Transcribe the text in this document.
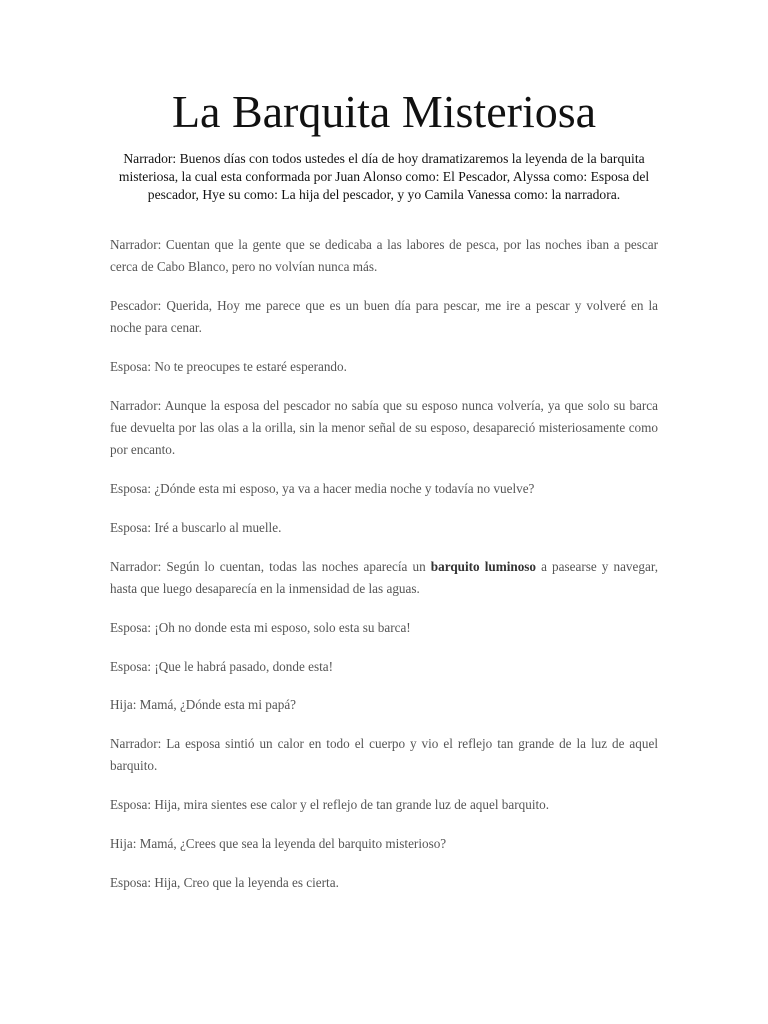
La Barquita Misteriosa

Narrador: Buenos días con todos ustedes el día de hoy dramatizaremos la leyenda de la barquita misteriosa, la cual esta conformada por Juan Alonso como: El Pescador, Alyssa como: Esposa del pescador, Hye su como: La hija del pescador, y yo Camila Vanessa como: la narradora.

Narrador: Cuentan que la gente que se dedicaba a las labores de pesca, por las noches iban a pescar cerca de Cabo Blanco, pero no volvían nunca más.

Pescador: Querida, Hoy me parece que es un buen día para pescar, me ire a pescar y volveré en la noche para cenar.

Esposa: No te preocupes te estaré esperando.

Narrador: Aunque la esposa del pescador no sabía que su esposo nunca volvería, ya que solo su barca fue devuelta por las olas a la orilla, sin la menor señal de su esposo, desapareció misteriosamente como por encanto.

Esposa: ¿Dónde esta mi esposo, ya va a hacer media noche y todavía no vuelve?

Esposa: Iré a buscarlo al muelle.

Narrador: Según lo cuentan, todas las noches aparecía un barquito luminoso a pasearse y navegar, hasta que luego desaparecía en la inmensidad de las aguas.

Esposa: ¡Oh no donde esta mi esposo, solo esta su barca!

Esposa: ¡Que le habrá pasado, donde esta!

Hija: Mamá, ¿Dónde esta mi papá?

Narrador: La esposa sintió un calor en todo el cuerpo y vio el reflejo tan grande de la luz de aquel barquito.

Esposa: Hija, mira sientes ese calor y el reflejo de tan grande luz de aquel barquito.

Hija: Mamá, ¿Crees que sea la leyenda del barquito misterioso?

Esposa: Hija, Creo que la leyenda es cierta.
